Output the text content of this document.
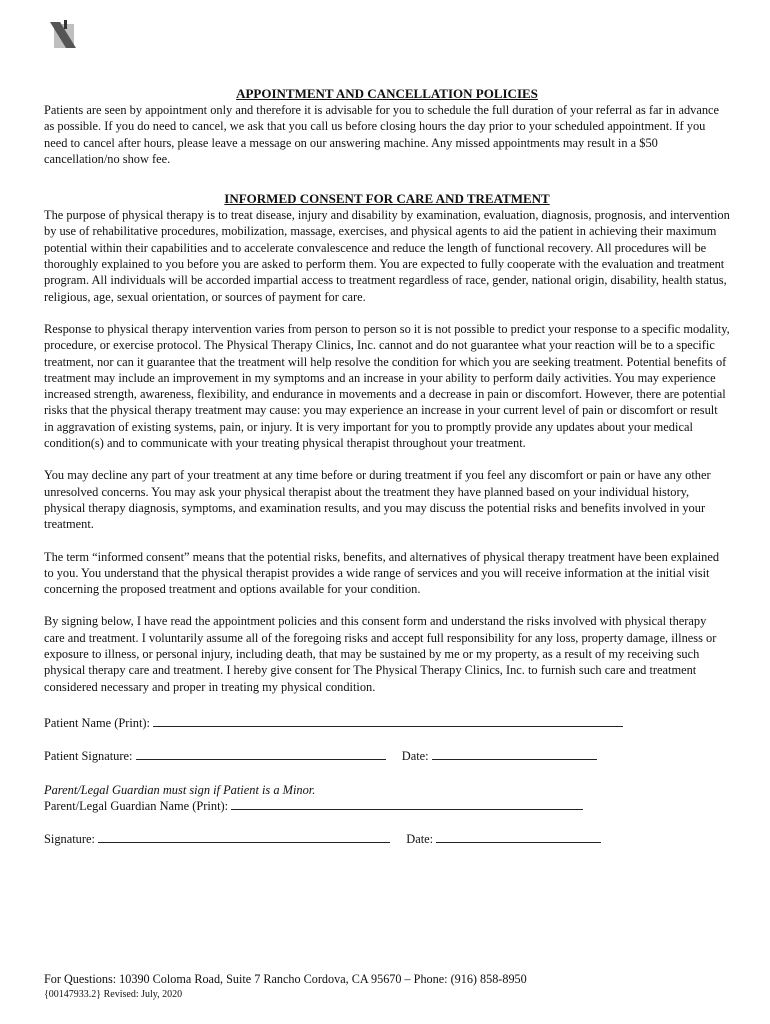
APPOINTMENT AND CANCELLATION POLICIES

Patients are seen by appointment only and therefore it is advisable for you to schedule the full duration of your referral as far in advance as possible. If you do need to cancel, we ask that you call us before closing hours the day prior to your scheduled appointment. If you need to cancel after hours, please leave a message on our answering machine. Any missed appointments may result in a $50 cancellation/no show fee.

INFORMED CONSENT FOR CARE AND TREATMENT

The purpose of physical therapy is to treat disease, injury and disability by examination, evaluation, diagnosis, prognosis, and intervention by use of rehabilitative procedures, mobilization, massage, exercises, and physical agents to aid the patient in achieving their maximum potential within their capabilities and to accelerate convalescence and reduce the length of functional recovery. All procedures will be thoroughly explained to you before you are asked to perform them. You are expected to fully cooperate with the evaluation and treatment program. All individuals will be accorded impartial access to treatment regardless of race, gender, national origin, disability, health status, religious, age, sexual orientation, or sources of payment for care.

Response to physical therapy intervention varies from person to person so it is not possible to predict your response to a specific modality, procedure, or exercise protocol. The Physical Therapy Clinics, Inc. cannot and do not guarantee what your reaction will be to a specific treatment, nor can it guarantee that the treatment will help resolve the condition for which you are seeking treatment. Potential benefits of treatment may include an improvement in my symptoms and an increase in your ability to perform daily activities. You may experience increased strength, awareness, flexibility, and endurance in movements and a decrease in pain or discomfort. However, there are potential risks that the physical therapy treatment may cause: you may experience an increase in your current level of pain or discomfort or result in aggravation of existing systems, pain, or injury. It is very important for you to promptly provide any updates about your medical condition(s) and to communicate with your treating physical therapist throughout your treatment.

You may decline any part of your treatment at any time before or during treatment if you feel any discomfort or pain or have any other unresolved concerns. You may ask your physical therapist about the treatment they have planned based on your individual history, physical therapy diagnosis, symptoms, and examination results, and you may discuss the potential risks and benefits involved in your treatment.

The term “informed consent” means that the potential risks, benefits, and alternatives of physical therapy treatment have been explained to you. You understand that the physical therapist provides a wide range of services and you will receive information at the initial visit concerning the proposed treatment and options available for your condition.

By signing below, I have read the appointment policies and this consent form and understand the risks involved with physical therapy care and treatment. I voluntarily assume all of the foregoing risks and accept full responsibility for any loss, property damage, illness or exposure to illness, or personal injury, including death, that may be sustained by me or my property, as a result of my receiving such physical therapy care and treatment. I hereby give consent for The Physical Therapy Clinics, Inc. to furnish such care and treatment considered necessary and proper in treating my physical condition.

Patient Name (Print):

Patient Signature:	Date:

Parent/Legal Guardian must sign if Patient is a Minor.

Parent/Legal Guardian Name (Print):

Signature:	Date:

For Questions: 10390 Coloma Road, Suite 7 Rancho Cordova, CA 95670 – Phone: (916) 858-8950
{00147933.2} Revised: July, 2020
